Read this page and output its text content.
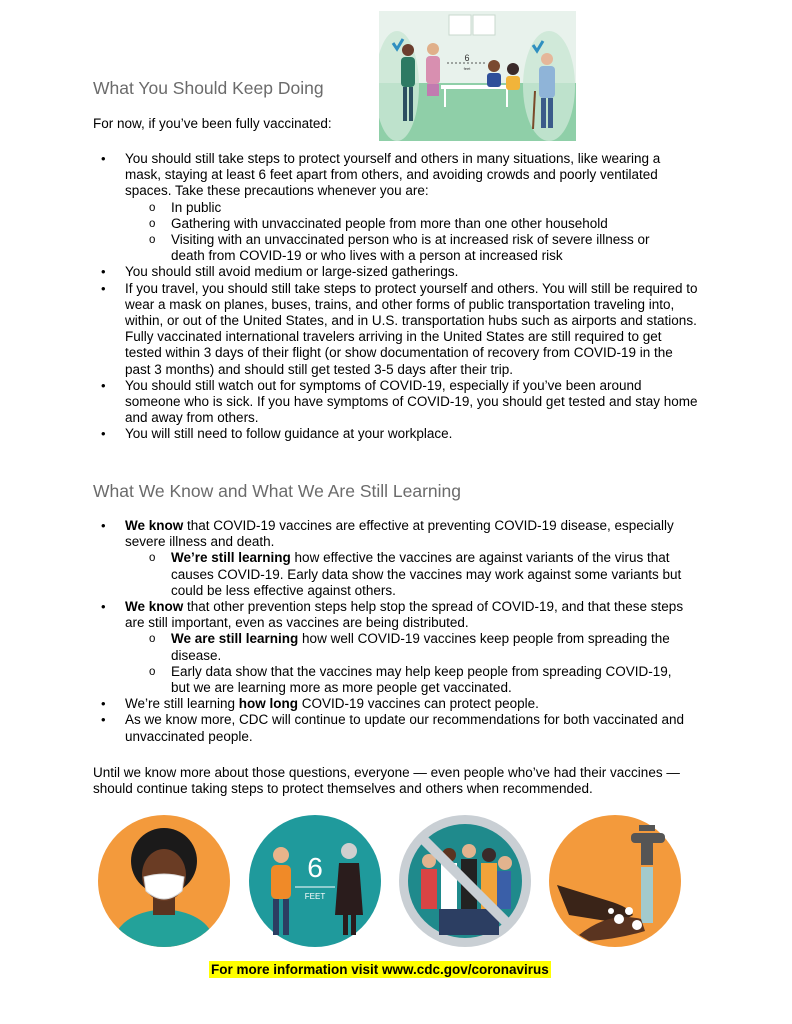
6
feet
What You Should Keep Doing
For now, if you’ve been fully vaccinated:
• You should still take steps to protect yourself and others in many situations, like wearing a mask, staying at least 6 feet apart from others, and avoiding crowds and poorly ventilated spaces. Take these precautions whenever you are:
o In public
o Gathering with unvaccinated people from more than one other household
o Visiting with an unvaccinated person who is at increased risk of severe illness or death from COVID-19 or who lives with a person at increased risk
• You should still avoid medium or large-sized gatherings.
• If you travel, you should still take steps to protect yourself and others. You will still be required to wear a mask on planes, buses, trains, and other forms of public transportation traveling into, within, or out of the United States, and in U.S. transportation hubs such as airports and stations. Fully vaccinated international travelers arriving in the United States are still required to get tested within 3 days of their flight (or show documentation of recovery from COVID-19 in the past 3 months) and should still get tested 3-5 days after their trip.
• You should still watch out for symptoms of COVID-19, especially if you’ve been around someone who is sick. If you have symptoms of COVID-19, you should get tested and stay home and away from others.
• You will still need to follow guidance at your workplace.
What We Know and What We Are Still Learning
• We know that COVID-19 vaccines are effective at preventing COVID-19 disease, especially severe illness and death.
o We’re still learning how effective the vaccines are against variants of the virus that causes COVID-19. Early data show the vaccines may work against some variants but could be less effective against others.
• We know that other prevention steps help stop the spread of COVID-19, and that these steps are still important, even as vaccines are being distributed.
o We are still learning how well COVID-19 vaccines keep people from spreading the disease.
o Early data show that the vaccines may help keep people from spreading COVID-19, but we are learning more as more people get vaccinated.
• We’re still learning how long COVID-19 vaccines can protect people.
• As we know more, CDC will continue to update our recommendations for both vaccinated and unvaccinated people.
Until we know more about those questions, everyone — even people who’ve had their vaccines — should continue taking steps to protect themselves and others when recommended.
6
FEET
For more information visit www.cdc.gov/coronavirus
